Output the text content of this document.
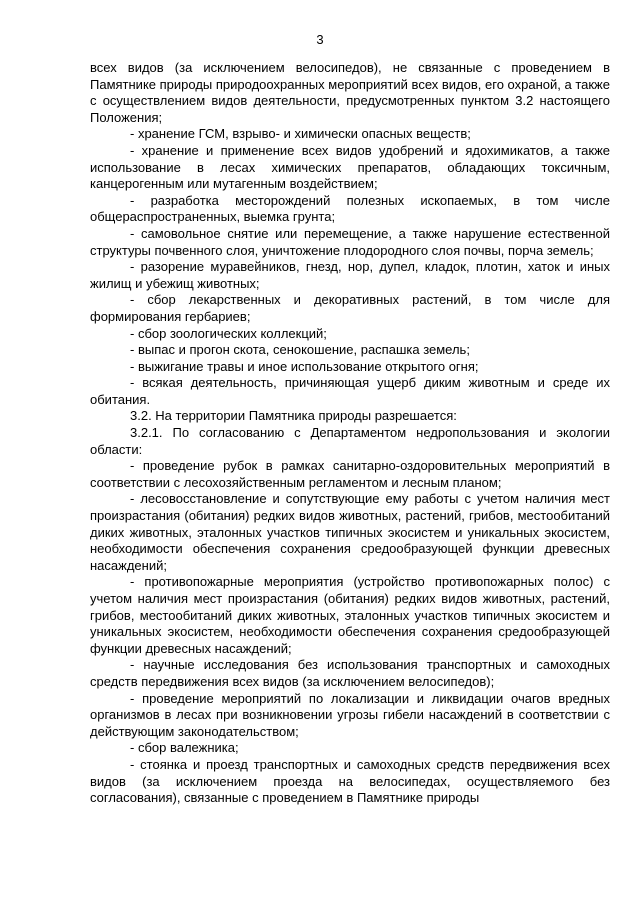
3

всех видов (за исключением велосипедов), не связанные с проведением в Памятнике природы природоохранных мероприятий всех видов, его охраной, а также с осуществлением видов деятельности, предусмотренных пунктом 3.2 настоящего Положения;

- хранение ГСМ, взрыво- и химически опасных веществ;

- хранение и применение всех видов удобрений и ядохимикатов, а также использование в лесах химических препаратов, обладающих токсичным, канцерогенным или мутагенным воздействием;

- разработка месторождений полезных ископаемых, в том числе общераспространенных, выемка грунта;

- самовольное снятие или перемещение, а также нарушение естественной структуры почвенного слоя, уничтожение плодородного слоя почвы, порча земель;

- разорение муравейников, гнезд, нор, дупел, кладок, плотин, хаток и иных жилищ и убежищ животных;

- сбор лекарственных и декоративных растений, в том числе для формирования гербариев;

- сбор зоологических коллекций;

- выпас и прогон скота, сенокошение, распашка земель;

- выжигание травы и иное использование открытого огня;

- всякая деятельность, причиняющая ущерб диким животным и среде их обитания.

3.2. На территории Памятника природы разрешается:

3.2.1. По согласованию с Департаментом недропользования и экологии области:

- проведение рубок в рамках санитарно-оздоровительных мероприятий в соответствии с лесохозяйственным регламентом и лесным планом;

- лесовосстановление и сопутствующие ему работы с учетом наличия мест произрастания (обитания) редких видов животных, растений, грибов, местообитаний диких животных, эталонных участков типичных экосистем и уникальных экосистем, необходимости обеспечения сохранения средообразующей функции древесных насаждений;

- противопожарные мероприятия (устройство противопожарных полос) с учетом наличия мест произрастания (обитания) редких видов животных, растений, грибов, местообитаний диких животных, эталонных участков типичных экосистем и уникальных экосистем, необходимости обеспечения сохранения средообразующей функции древесных насаждений;

- научные исследования без использования транспортных и самоходных средств передвижения всех видов (за исключением велосипедов);

- проведение мероприятий по локализации и ликвидации очагов вредных организмов в лесах при возникновении угрозы гибели насаждений в соответствии с действующим законодательством;

- сбор валежника;

- стоянка и проезд транспортных и самоходных средств передвижения всех видов (за исключением проезда на велосипедах, осуществляемого без согласования), связанные с проведением в Памятнике природы
